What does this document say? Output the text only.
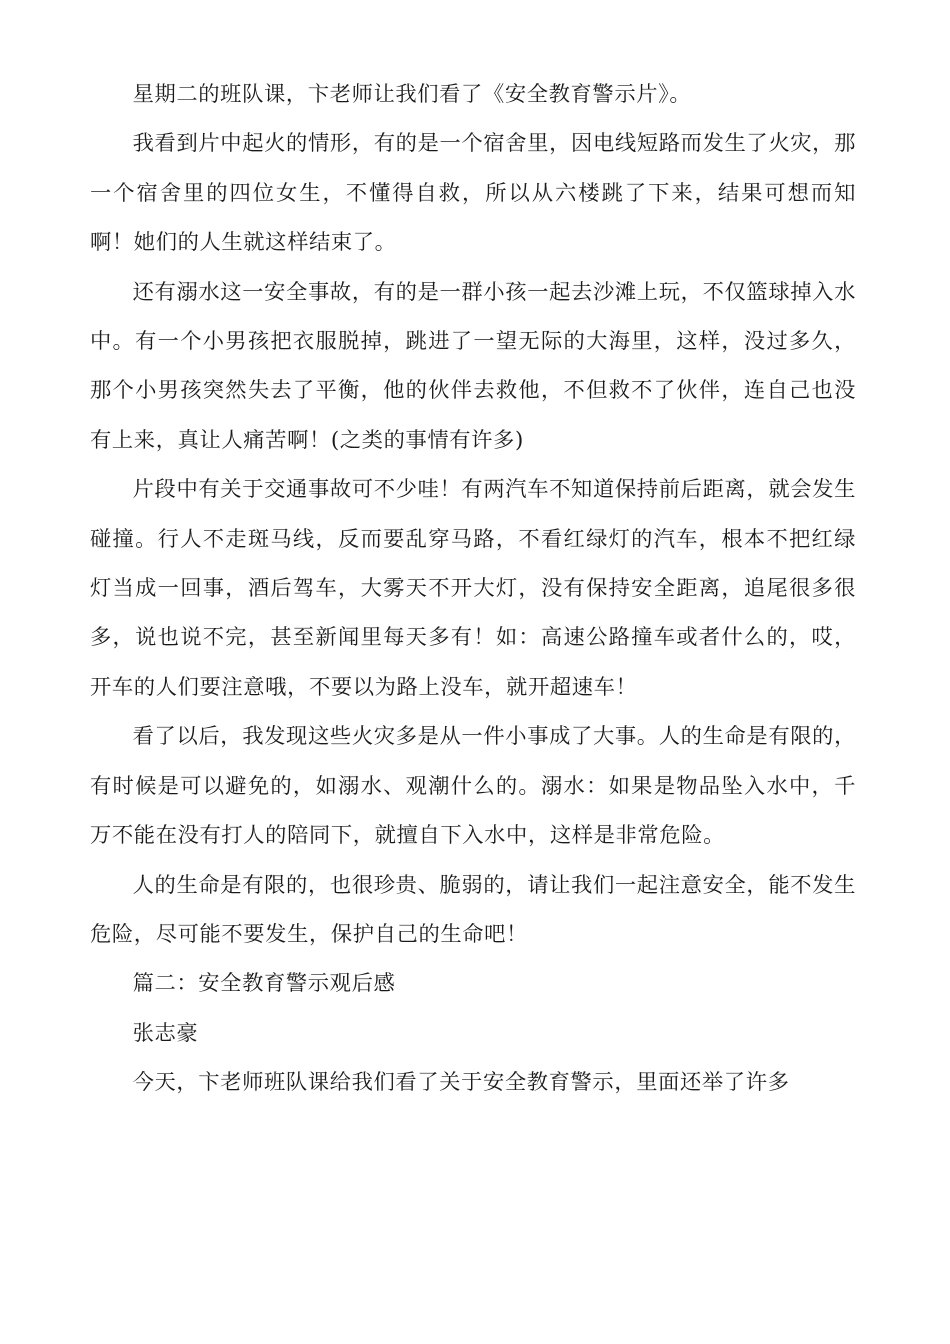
星期二的班队课，卞老师让我们看了《安全教育警示片》。

我看到片中起火的情形，有的是一个宿舍里，因电线短路而发生了火灾，那一个宿舍里的四位女生，不懂得自救，所以从六楼跳了下来，结果可想而知啊！她们的人生就这样结束了。

还有溺水这一安全事故，有的是一群小孩一起去沙滩上玩，不仅篮球掉入水中。有一个小男孩把衣服脱掉，跳进了一望无际的大海里，这样，没过多久，那个小男孩突然失去了平衡，他的伙伴去救他，不但救不了伙伴，连自己也没有上来，真让人痛苦啊！(之类的事情有许多)

片段中有关于交通事故可不少哇！有两汽车不知道保持前后距离，就会发生碰撞。行人不走斑马线，反而要乱穿马路，不看红绿灯的汽车，根本不把红绿灯当成一回事，酒后驾车，大雾天不开大灯，没有保持安全距离，追尾很多很多，说也说不完，甚至新闻里每天多有！如：高速公路撞车或者什么的，哎，开车的人们要注意哦，不要以为路上没车，就开超速车！

看了以后，我发现这些火灾多是从一件小事成了大事。人的生命是有限的，有时候是可以避免的，如溺水、观潮什么的。溺水：如果是物品坠入水中，千万不能在没有打人的陪同下，就擅自下入水中，这样是非常危险。

人的生命是有限的，也很珍贵、脆弱的，请让我们一起注意安全，能不发生危险，尽可能不要发生，保护自己的生命吧！

篇二：安全教育警示观后感

张志豪

今天，卞老师班队课给我们看了关于安全教育警示，里面还举了许多
